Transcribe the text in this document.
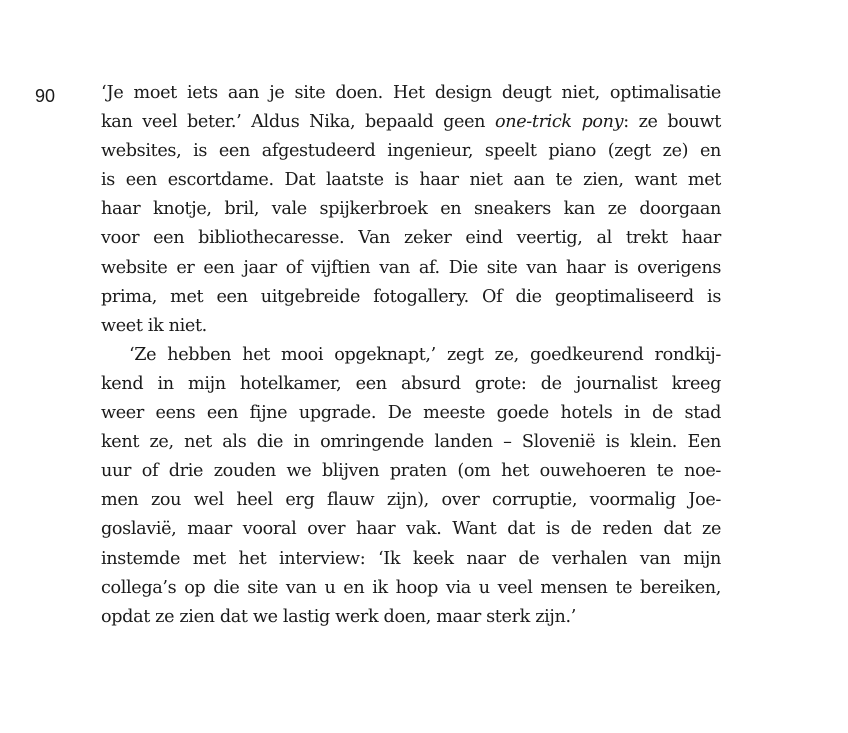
90	‘Je moet iets aan je site doen. Het design deugt niet, optimalisatie
kan veel beter.’ Aldus Nika, bepaald geen one-trick pony: ze bouwt
websites, is een afgestudeerd ingenieur, speelt piano (zegt ze) en
is een escortdame. Dat laatste is haar niet aan te zien, want met
haar knotje, bril, vale spijkerbroek en sneakers kan ze doorgaan
voor een bibliothecaresse. Van zeker eind veertig, al trekt haar
website er een jaar of vijftien van af. Die site van haar is overigens
prima, met een uitgebreide fotogallery. Of die geoptimaliseerd is
weet ik niet.
‘Ze hebben het mooi opgeknapt,’ zegt ze, goedkeurend rondkij-
kend in mijn hotelkamer, een absurd grote: de journalist kreeg
weer eens een fijne upgrade. De meeste goede hotels in de stad
kent ze, net als die in omringende landen – Slovenië is klein. Een
uur of drie zouden we blijven praten (om het ouwehoeren te noe-
men zou wel heel erg flauw zijn), over corruptie, voormalig Joe-
goslavië, maar vooral over haar vak. Want dat is de reden dat ze
instemde met het interview: ‘Ik keek naar de verhalen van mijn
collega’s op die site van u en ik hoop via u veel mensen te bereiken,
opdat ze zien dat we lastig werk doen, maar sterk zijn.’
